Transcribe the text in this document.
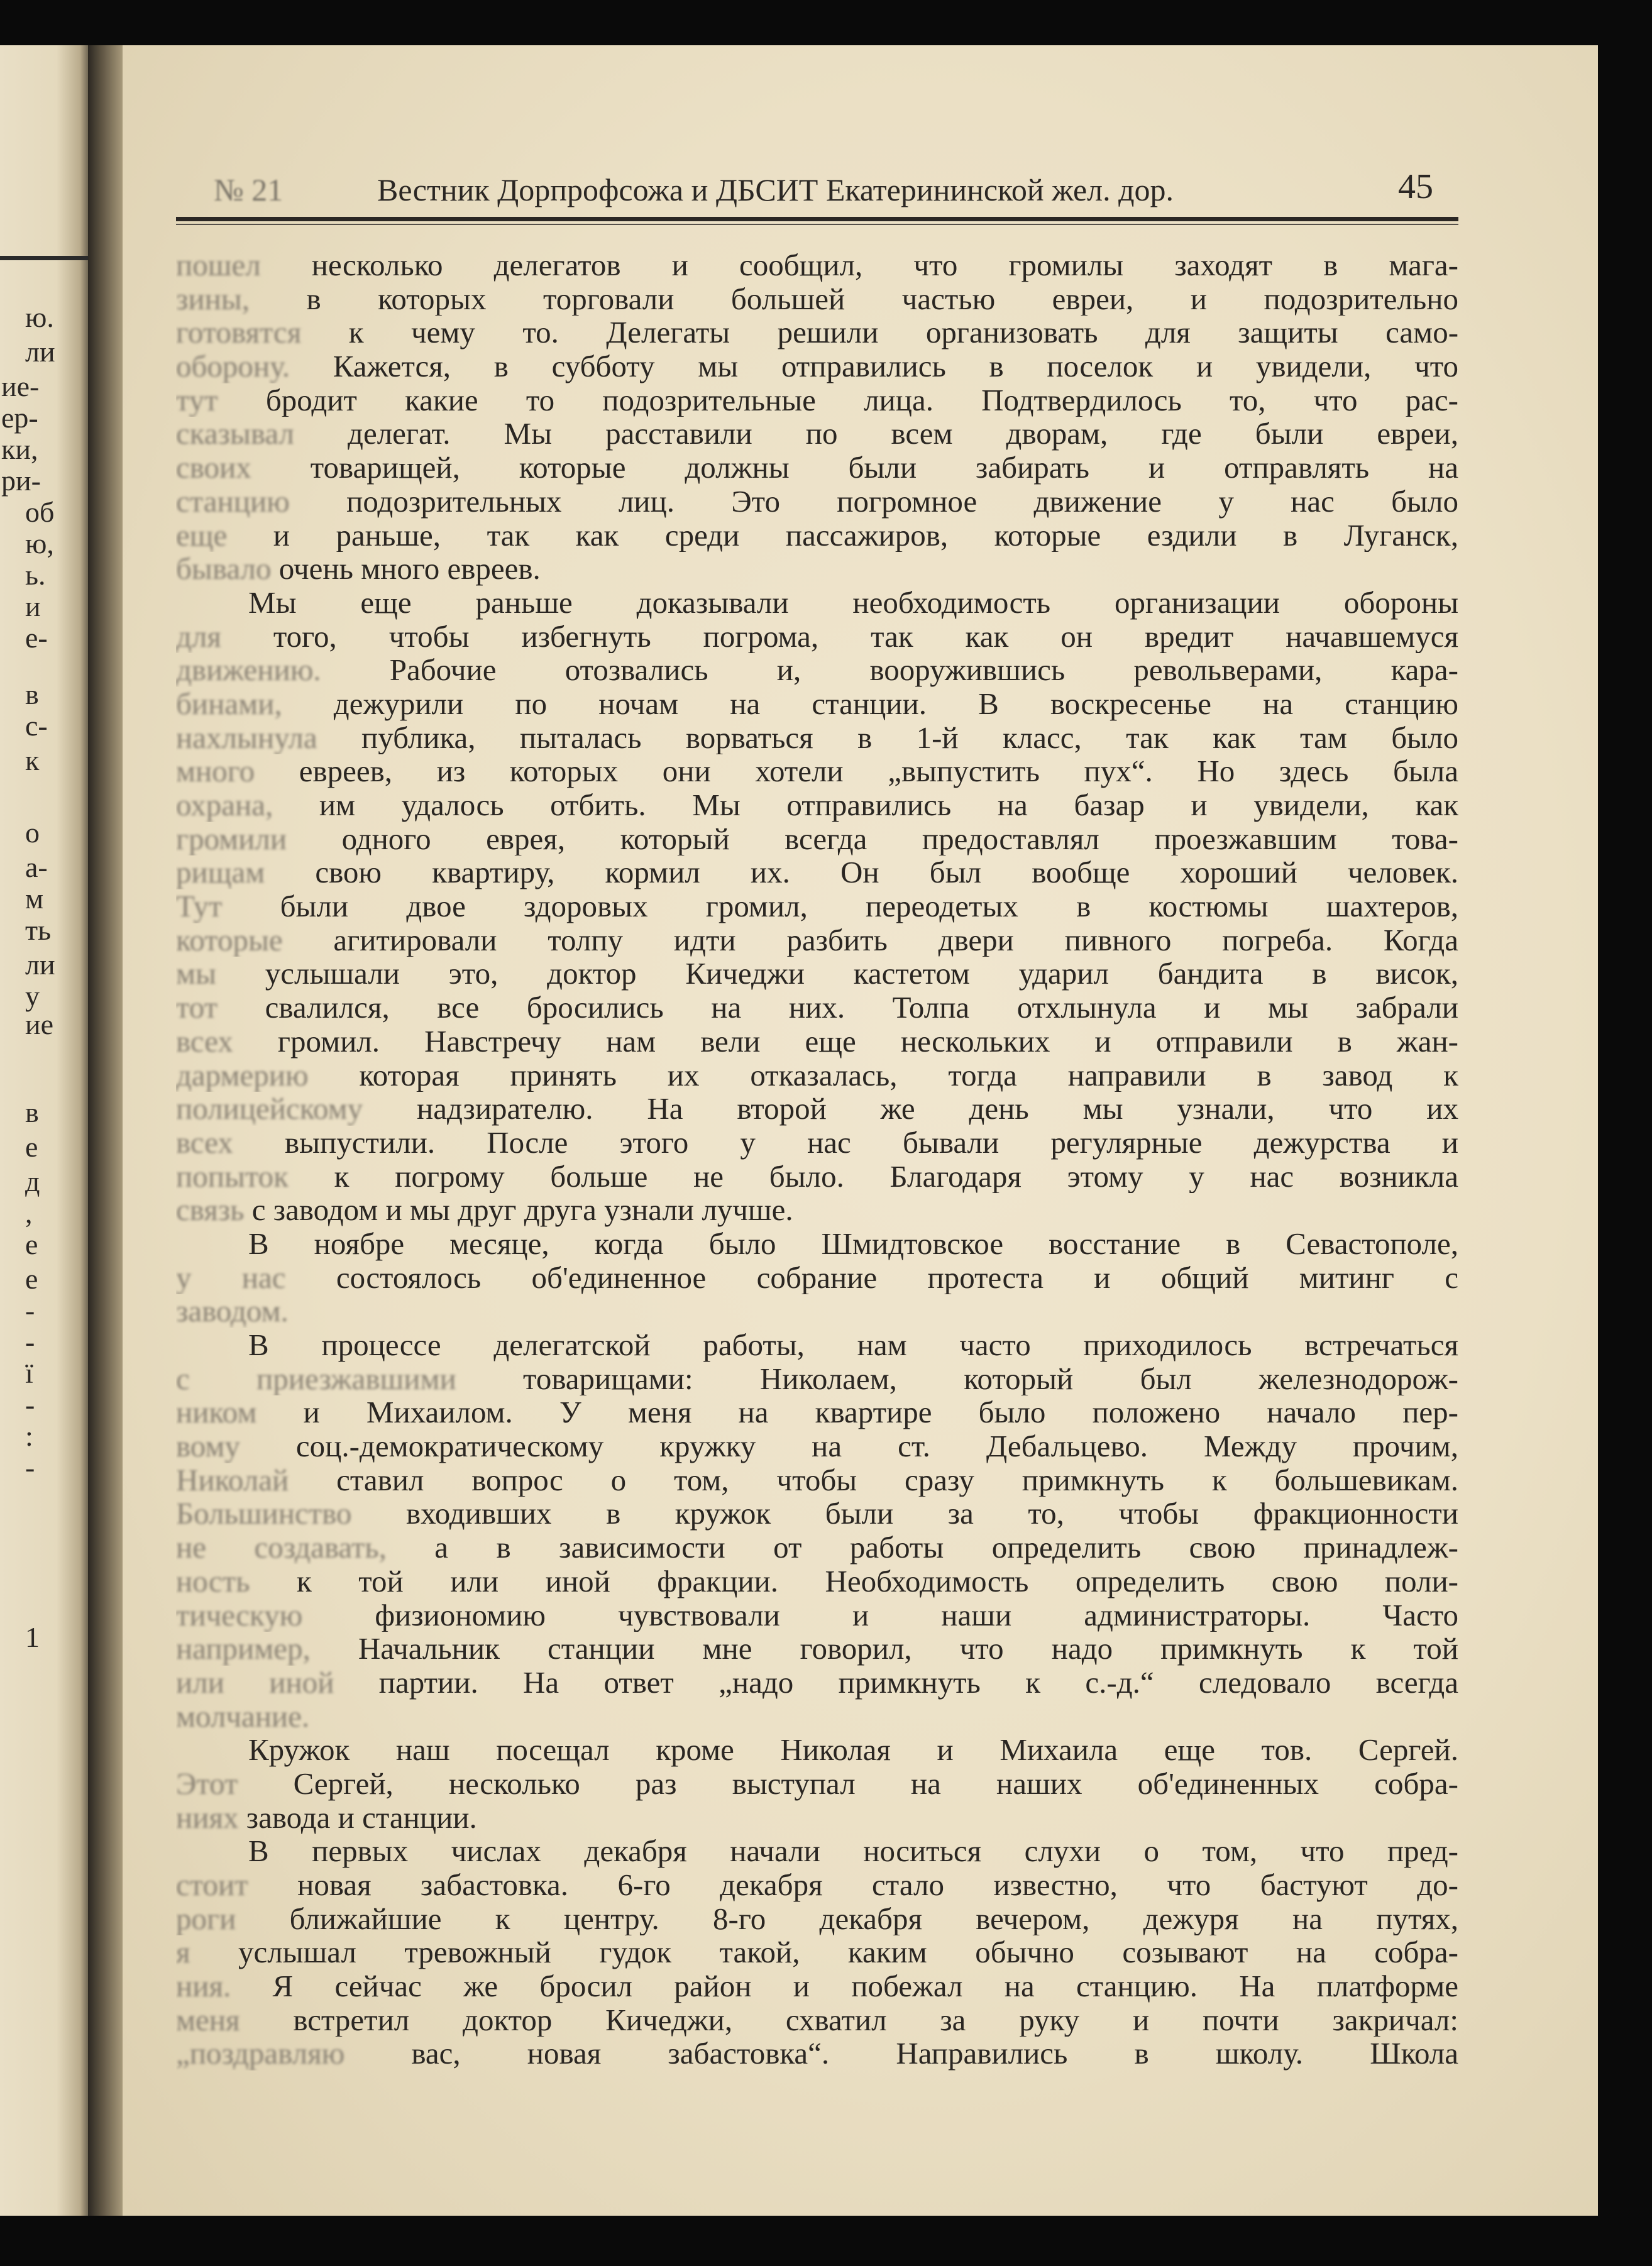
ю.
ли
ие-
ер-
ки,
ри-
об
ю,
ь.
и
е-
в
с-
к
о
а-
м
ть
ли
у
ие
в
е
д
,
е
е
-
-
ї
-
:
-
1
№ 21	Вестник Дорпрофсожа и ДБСИТ Екатерининской жел. дор.	45
пошел несколько делегатов и сообщил, что громилы заходят в мага-
зины, в которых торговали большей частью евреи, и подозрительно
готовятся к чему то. Делегаты решили организовать для защиты само-
оборону. Кажется, в субботу мы отправились в поселок и увидели, что
тут бродит какие то подозрительные лица. Подтвердилось то, что рас-
сказывал делегат. Мы расставили по всем дворам, где были евреи,
своих товарищей, которые должны были забирать и отправлять на
станцию подозрительных лиц. Это погромное движение у нас было
еще и раньше, так как среди пассажиров, которые ездили в Луганск,
бывало очень много евреев.
Мы еще раньше доказывали необходимость организации обороны
для того, чтобы избегнуть погрома, так как он вредит начавшемуся
движению. Рабочие отозвались и, вооружившись револьверами, кара-
бинами, дежурили по ночам на станции. В воскресенье на станцию
нахлынула публика, пыталась ворваться в 1-й класс, так как там было
много евреев, из которых они хотели „выпустить пух“. Но здесь была
охрана, им удалось отбить. Мы отправились на базар и увидели, как
громили одного еврея, который всегда предоставлял проезжавшим това-
рищам свою квартиру, кормил их. Он был вообще хороший человек.
Тут были двое здоровых громил, переодетых в костюмы шахтеров,
которые агитировали толпу идти разбить двери пивного погреба. Когда
мы услышали это, доктор Кичеджи кастетом ударил бандита в висок,
тот свалился, все бросились на них. Толпа отхлынула и мы забрали
всех громил. Навстречу нам вели еще нескольких и отправили в жан-
дармерию которая принять их отказалась, тогда направили в завод к
полицейскому надзирателю. На второй же день мы узнали, что их
всех выпустили. После этого у нас бывали регулярные дежурства и
попыток к погрому больше не было. Благодаря этому у нас возникла
связь с заводом и мы друг друга узнали лучше.
В ноябре месяце, когда было Шмидтовское восстание в Севастополе,
у нас состоялось об'единенное собрание протеста и общий митинг с
заводом.
В процессе делегатской работы, нам часто приходилось встречаться
с приезжавшими товарищами: Николаем, который был железнодорож-
ником и Михаилом. У меня на квартире было положено начало пер-
вому соц.-демократическому кружку на ст. Дебальцево. Между прочим,
Николай ставил вопрос о том, чтобы сразу примкнуть к большевикам.
Большинство входивших в кружок были за то, чтобы фракционности
не создавать, а в зависимости от работы определить свою принадлеж-
ность к той или иной фракции. Необходимость определить свою поли-
тическую физиономию чувствовали и наши администраторы. Часто
например, Начальник станции мне говорил, что надо примкнуть к той
или иной партии. На ответ „надо примкнуть к с.-д.“ следовало всегда
молчание.
Кружок наш посещал кроме Николая и Михаила еще тов. Сергей.
Этот Сергей, несколько раз выступал на наших об'единенных собра-
ниях завода и станции.
В первых числах декабря начали носиться слухи о том, что пред-
стоит новая забастовка. 6-го декабря стало известно, что бастуют до-
роги ближайшие к центру. 8-го декабря вечером, дежуря на путях,
я услышал тревожный гудок такой, каким обычно созывают на собра-
ния. Я сейчас же бросил район и побежал на станцию. На платформе
меня встретил доктор Кичеджи, схватил за руку и почти закричал:
„поздравляю вас, новая забастовка“. Направились в школу. Школа
